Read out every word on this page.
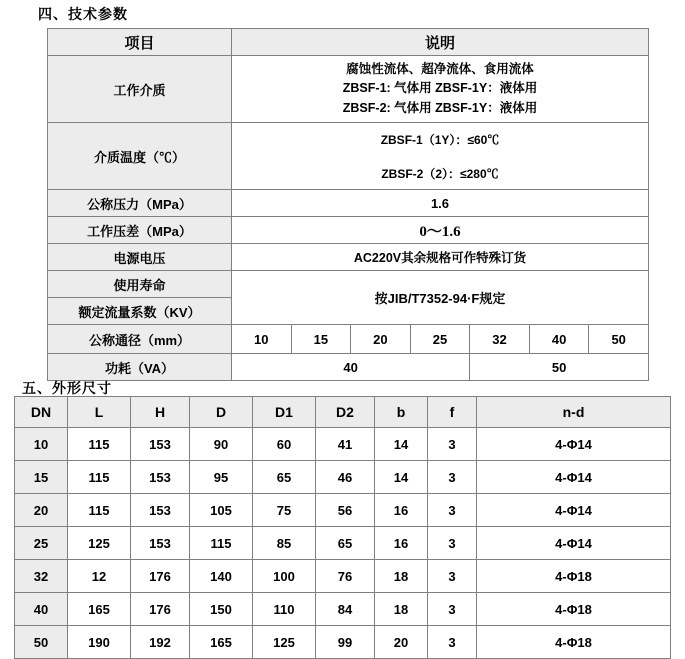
四、技术参数
项目	说明						
工作介质	腐蚀性流体、超净流体、食用流体
ZBSF-1: 气体用 ZBSF-1Y：液体用
ZBSF-2: 气体用 ZBSF-1Y：液体用						

介质温度（℃）	ZBSF-1（1Y）：≤60℃
ZBSF-2（2）：≤280℃						

公称压力（MPa）	1.6						
工作压差（MPa）	0～1.6						
电源电压	AC220V其余规格可作特殊订货						
使用寿命	按JIB/T7352-94·F规定						
额定流量系数（KV）							
公称通径（mm）	10	15	20	25	32	40	50
功耗（VA）	40				50		
五、外形尺寸
DN	L	H	D	D1	D2	b	f	n-d
10	115	153	90	60	41	14	3	4-Φ14
15	115	153	95	65	46	14	3	4-Φ14
20	115	153	105	75	56	16	3	4-Φ14
25	125	153	115	85	65	16	3	4-Φ14
32	12	176	140	100	76	18	3	4-Φ18
40	165	176	150	110	84	18	3	4-Φ18
50	190	192	165	125	99	20	3	4-Φ18
